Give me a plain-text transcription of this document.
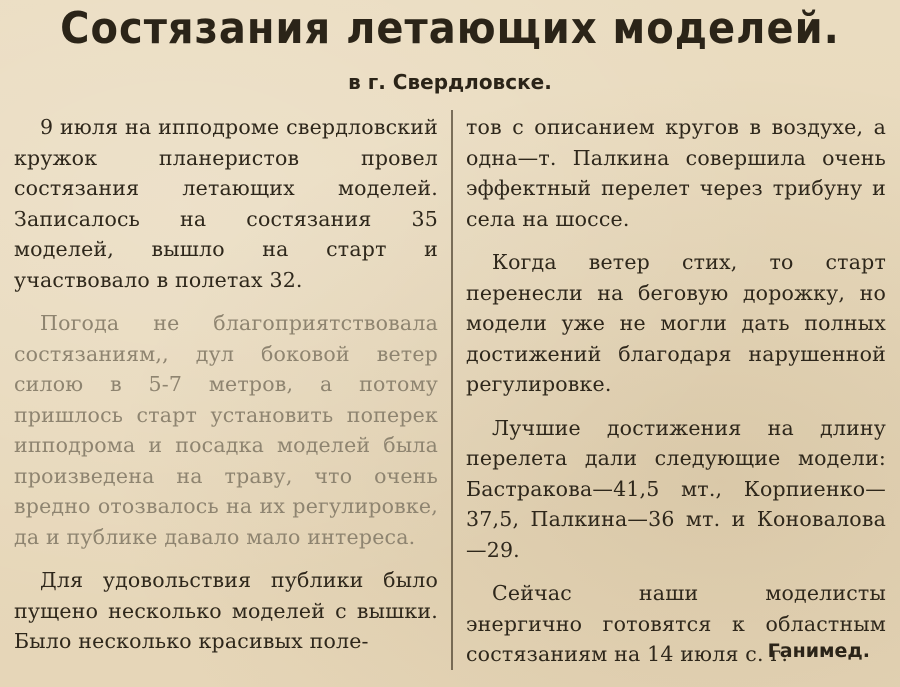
Состязания летающих моделей.
в г. Свердловске.

9 июля на ипподроме свердловский кружок планеристов провел состязания летающих моделей. Записалось на состязания 35 моделей, вышло на старт и участвовало в полетах 32.

Погода не благоприятствовала состязаниям,, дул боковой ветер силою в 5-7 метров, а потому пришлось старт установить поперек ипподрома и посадка моделей была произведена на траву, что очень вредно отозвалось на их регулировке, да и публике давало мало интереса.

Для удовольствия публики было пущено несколько моделей с вышки. Было несколько красивых поле-

тов с описанием кругов в воздухе, а одна—т. Палкина совершила очень эффектный перелет через трибуну и села на шоссе.

Когда ветер стих, то старт перенесли на беговую дорожку, но модели уже не могли дать полных достижений благодаря нарушенной регулировке.

Лучшие достижения на длину перелета дали следующие модели: Бастракова—41,5 мт., Корпиенко—37,5, Палкина—36 мт. и Коновалова—29.

Сейчас наши моделисты энергично готовятся к областным состязаниям на 14 июля с. г.

Ганимед.
